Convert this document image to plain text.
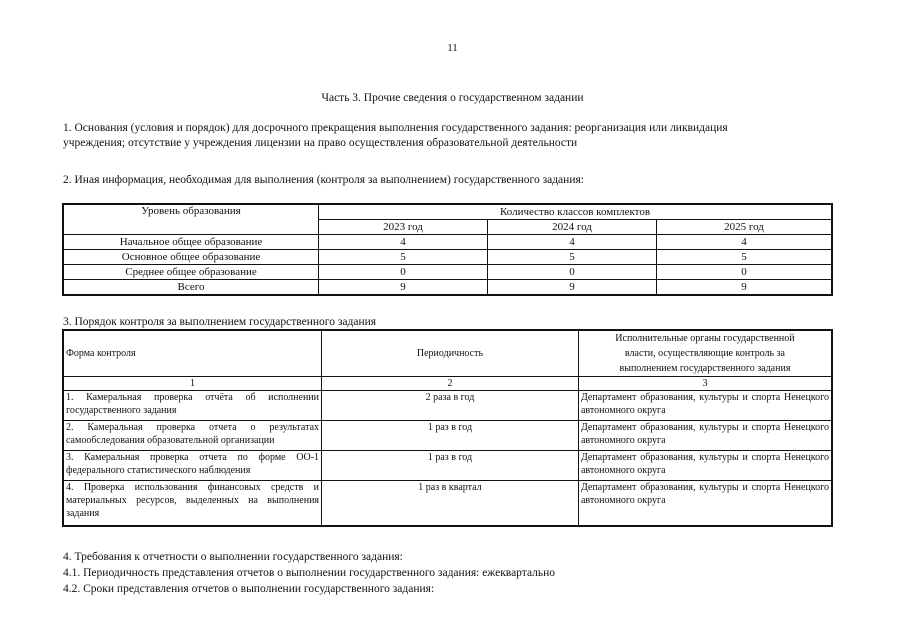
11
Часть 3. Прочие сведения о государственном задании
1. Основания (условия и порядок) для досрочного прекращения выполнения государственного задания: реорганизация или ликвидация
учреждения; отсутствие у учреждения лицензии на право осуществления образовательной деятельности
2. Иная информация, необходимая для выполнения (контроля за выполнением) государственного задания:
Уровень образования	Количество классов комплектов		
	2023 год	2024 год	2025 год
Начальное общее образование	4	4	4
Основное общее образование	5	5	5
Среднее общее образование	0	0	0
Всего	9	9	9
3. Порядок контроля за выполнением государственного задания
Форма контроля	Периодичность	Исполнительные органы государственной
власти, осуществляющие контроль за
выполнением государственного задания

1	2	3
1. Камеральная проверка отчёта об исполнении государственного задания	2 раза в год	Департамент образования, культуры и спорта Ненецкого автономного округа
2. Камеральная проверка отчета о результатах самообследования образовательной организации	1 раз в год	Департамент образования, культуры и спорта Ненецкого автономного округа
3. Камеральная проверка отчета по форме ОО-1 федерального статистического наблюдения	1 раз в год	Департамент образования, культуры и спорта Ненецкого автономного округа
4. Проверка использования финансовых средств и материальных ресурсов, выделенных на выполнения задания	1 раз в квартал	Департамент образования, культуры и спорта Ненецкого автономного округа
4. Требования к отчетности о выполнении государственного задания:
4.1. Периодичность представления отчетов о выполнении государственного задания: ежеквартально
4.2. Сроки представления отчетов о выполнении государственного задания:
